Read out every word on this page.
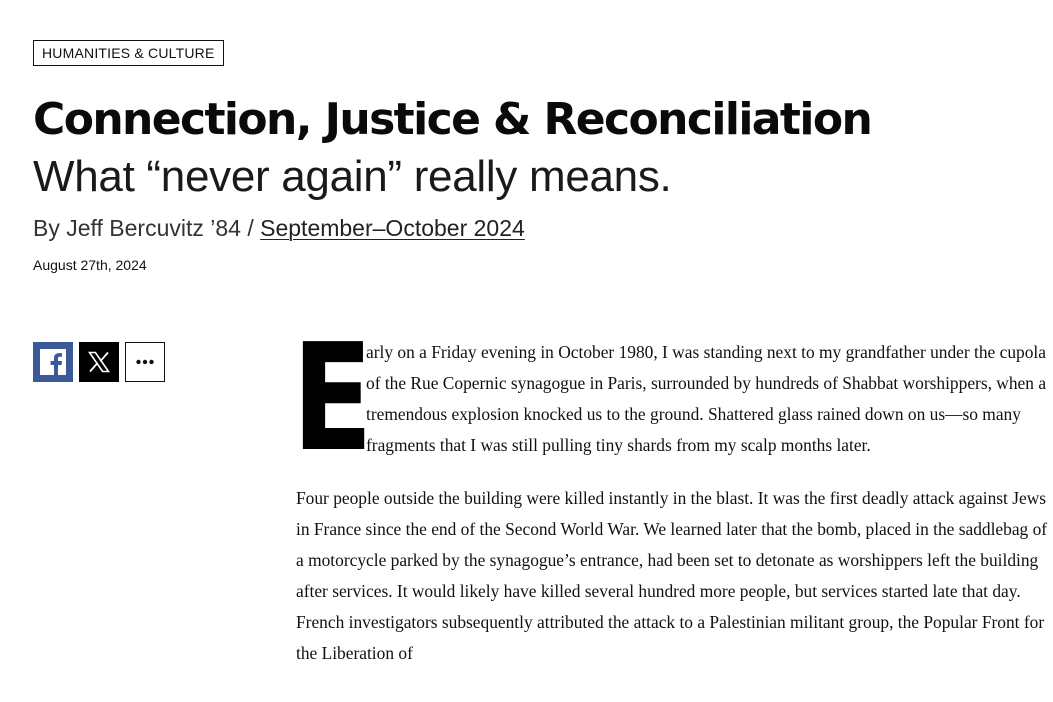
HUMANITIES & CULTURE
Connection, Justice & Reconciliation
What “never again” really means.
By Jeff Bercuvitz ’84 / September–October 2024
August 27th, 2024

E
arly on a Friday evening in October 1980, I was standing next to my grandfather under the cupola of the Rue Copernic synagogue in Paris, surrounded by hundreds of Shabbat worshippers, when a tremendous explosion knocked us to the ground. Shattered glass rained down on us—so many fragments that I was still pulling tiny shards from my scalp months later.

Four people outside the building were killed instantly in the blast. It was the first deadly attack against Jews in France since the end of the Second World War. We learned later that the bomb, placed in the saddlebag of a motorcycle parked by the synagogue’s entrance, had been set to detonate as worshippers left the building after services. It would likely have killed several hundred more people, but services started late that day. French investigators subsequently attributed the attack to a Palestinian militant group, the Popular Front for the Liberation of
